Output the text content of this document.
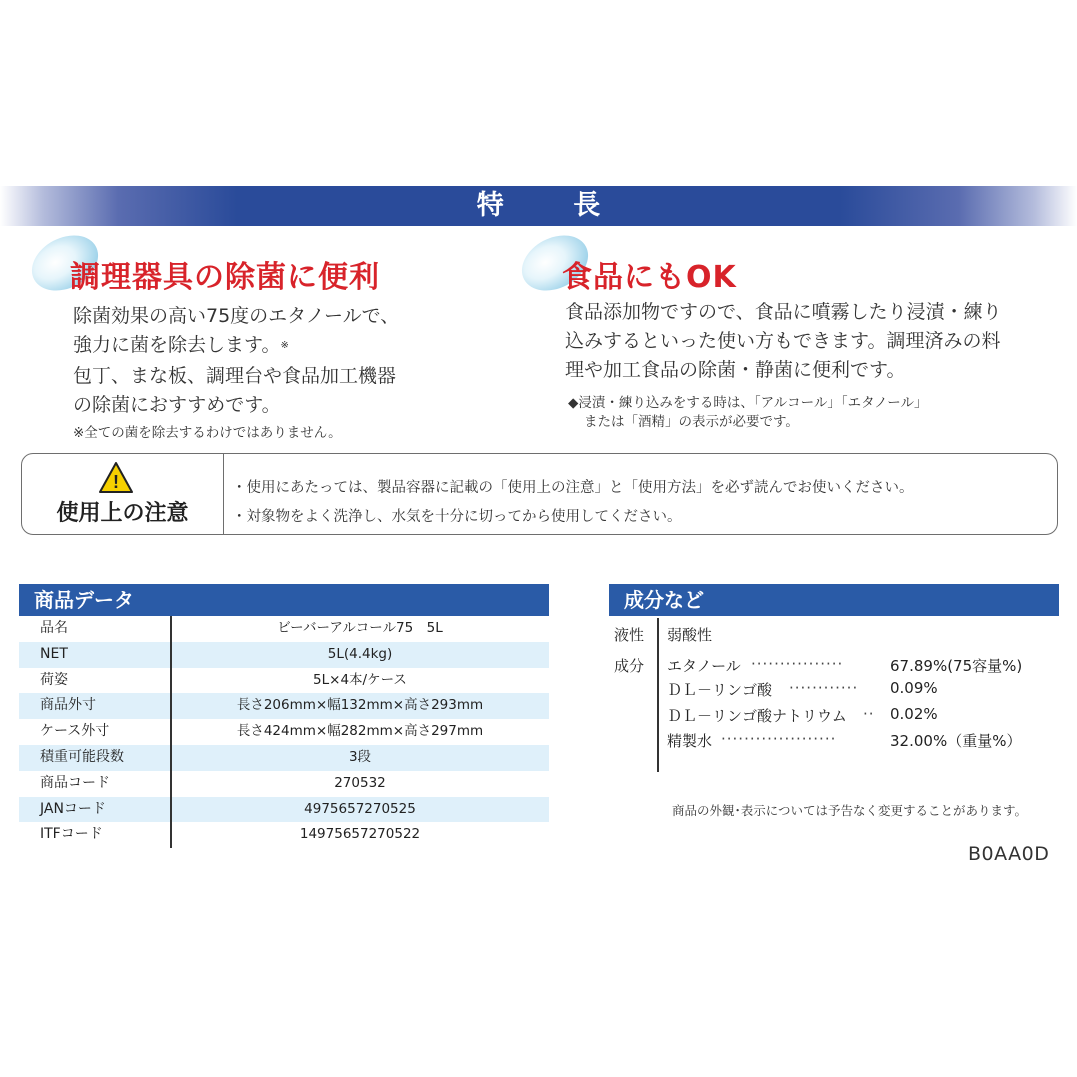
特 長
調理器具の除菌に便利
除菌効果の高い75度のエタノールで、
強力に菌を除去します。※
包丁、まな板、調理台や食品加工機器
の除菌におすすめです。
※全ての菌を除去するわけではありません。
食品にもOK
食品添加物ですので、食品に噴霧したり浸漬・練り
込みするといった使い方もできます。調理済みの料
理や加工食品の除菌・静菌に便利です。
◆浸漬・練り込みをする時は、「アルコール」「エタノール」
または「酒精」の表示が必要です。
!
使用上の注意
・使用にあたっては、製品容器に記載の「使用上の注意」と「使用方法」を必ず読んでお使いください。
・対象物をよく洗浄し、水気を十分に切ってから使用してください。
商品データ
品名	ビーバーアルコール75　5L
NET	5L(4.4kg)
荷姿	5L×4本/ケース
商品外寸	長さ206mm×幅132mm×高さ293mm
ケース外寸	長さ424mm×幅282mm×高さ297mm
積重可能段数	3段
商品コード	270532
JANコード	4975657270525
ITFコード	14975657270522
成分など
液性 弱酸性
成分 エタノール ················	67.89%(75容量%)
ＤＬ－リンゴ酸 ············ 0.09%
ＤＬ－リンゴ酸ナトリウム ·· 0.02%
精製水 ····················	32.00%（重量%）
商品の外観･表示については予告なく変更することがあります。
B0AA0D
